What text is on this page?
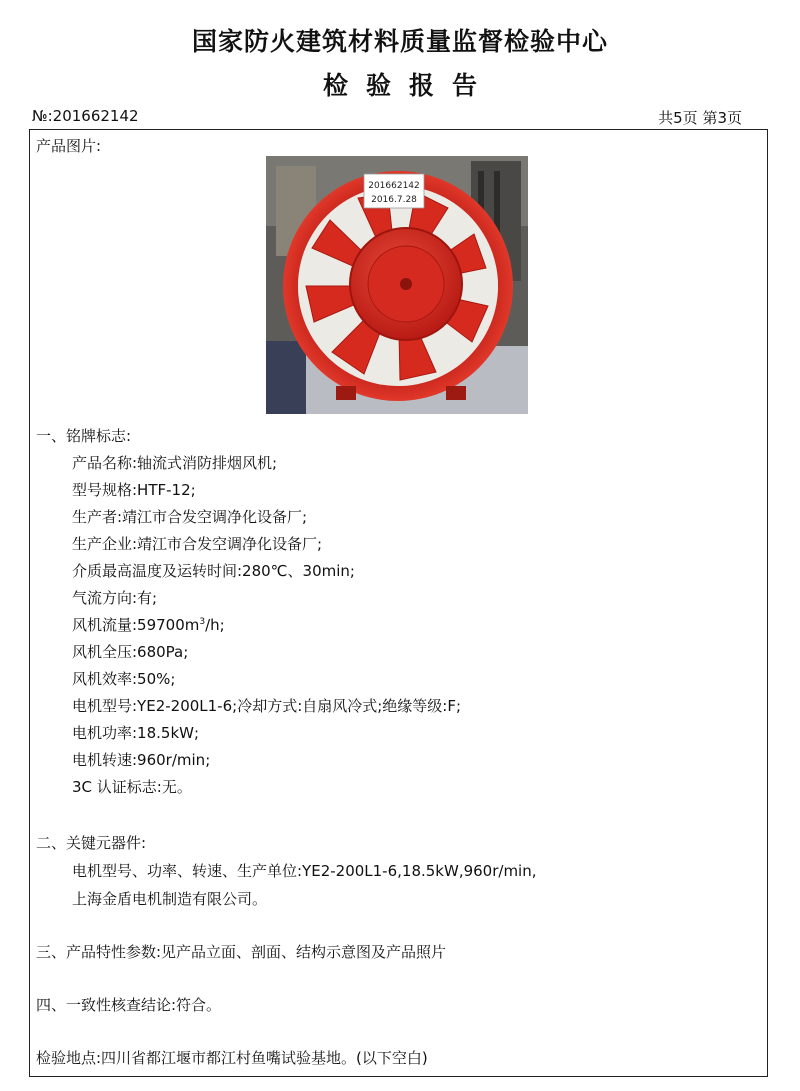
国家防火建筑材料质量监督检验中心
检验报告
№:201662142	共5页 第3页
产品图片:
201662142
2016.7.28
一、铭牌标志:
产品名称:轴流式消防排烟风机;
型号规格:HTF-12;
生产者:靖江市合发空调净化设备厂;
生产企业:靖江市合发空调净化设备厂;
介质最高温度及运转时间:280℃、30min;
气流方向:有;
风机流量$:59700m^3/h$;
风机全压:680Pa;
风机效率:50%;
电机型号:YE2-200L1-6;冷却方式:自扇风冷式;绝缘等级:F;
电机功率:18.5kW;
电机转速:960r/min;
3C 认证标志:无。
二、关键元器件:
电机型号、功率、转速、生产单位:YE2-200L1-6,18.5kW,960r/min,
上海金盾电机制造有限公司。
三、产品特性参数:见产品立面、剖面、结构示意图及产品照片
四、一致性核查结论:符合。
检验地点:四川省都江堰市都江村鱼嘴试验基地。(以下空白)
